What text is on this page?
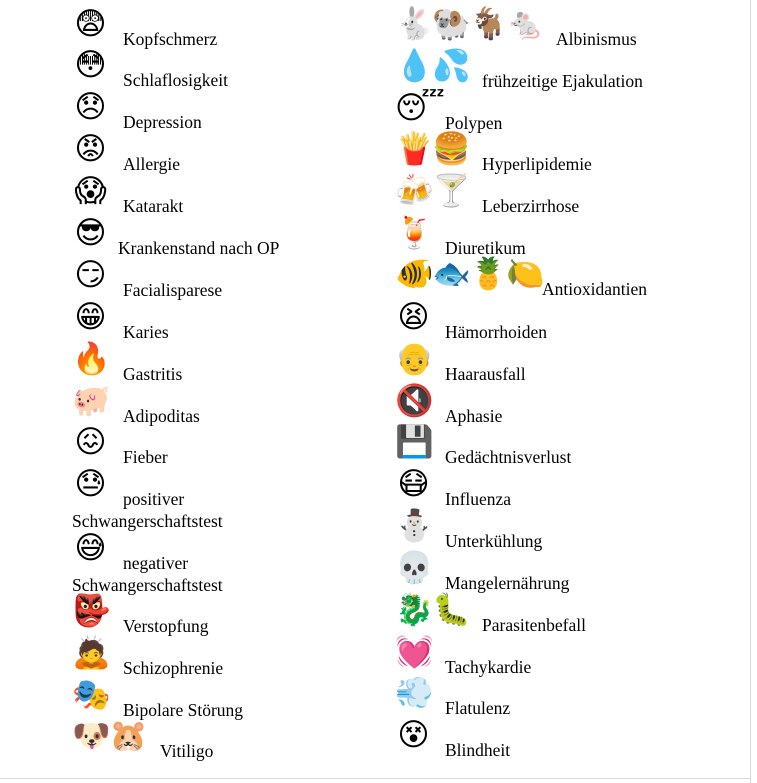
😨 Kopfschmerz
😳 Schlaflosigkeit
😞 Depression
😡 Allergie
😱 Katarakt
😎 Krankenstand nach OP
😏 Facialisparese
😁 Karies
🔥 Gastritis
🐖 Adipoditas
😖 Fieber
😓 positiver
Schwangerschaftstest
😅 negativer
Schwangerschaftstest
👺 Verstopfung
🙇 Schizophrenie
🎭 Bipolare Störung
🐶🐹 Vitiligo
🐇🐏🐐🐁 Albinismus
💧💦 frühzeitige Ejakulation
😴 Polypen
🍟🍔 Hyperlipidemie
🍻🍸 Leberzirrhose
🍹 Diuretikum
🐠🐟🍍🍋
Antioxidantien
😫 Hämorrhoiden
👴 Haarausfall
🔇 Aphasie
💾 Gedächtnisverlust
😷 Influenza
⛄ Unterkühlung
💀 Mangelernährung
🐉🐛 Parasitenbefall
💓 Tachykardie
💨 Flatulenz
😵 Blindheit
